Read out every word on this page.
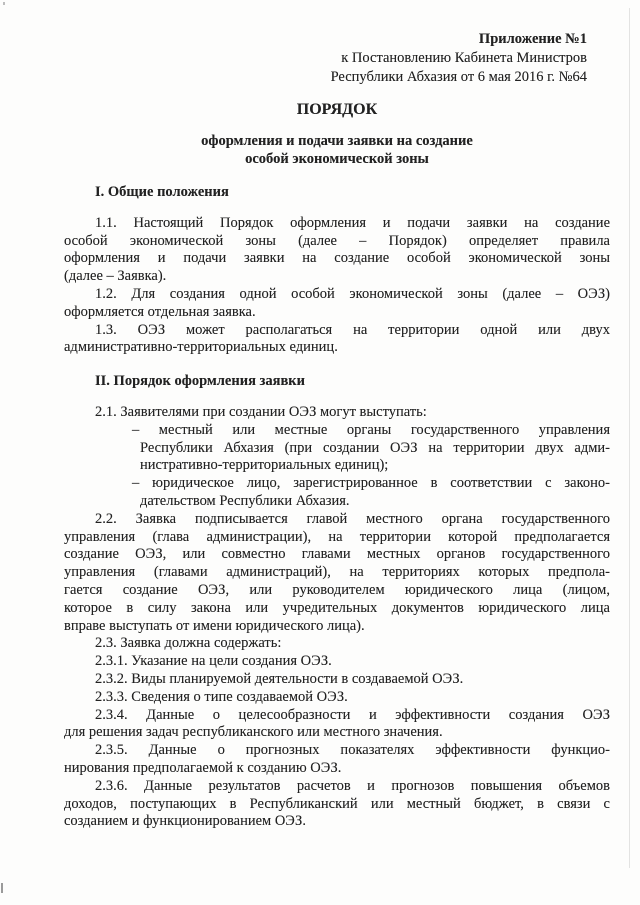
Приложение №1
к Постановлению Кабинета Министров
Республики Абхазия от 6 мая 2016 г. №64
ПОРЯДОК
оформления и подачи заявки на создание
особой экономической зоны
I. Общие положения
1.1. Настоящий Порядок оформления и подачи заявки на создание
особой экономической зоны (далее – Порядок) определяет правила
оформления и подачи заявки на создание особой экономической зоны
(далее – Заявка).
1.2. Для создания одной особой экономической зоны (далее – ОЭЗ)
оформляется отдельная заявка.
1.3. ОЭЗ может располагаться на территории одной или двух
административно-территориальных единиц.
II. Порядок оформления заявки
2.1. Заявителями при создании ОЭЗ могут выступать:
– местный или местные органы государственного управления
Республики Абхазия (при создании ОЭЗ на территории двух адми-
нистративно-территориальных единиц);
– юридическое лицо, зарегистрированное в соответствии с законо-
дательством Республики Абхазия.
2.2. Заявка подписывается главой местного органа государственного
управления (глава администрации), на территории которой предполагается
создание ОЭЗ, или совместно главами местных органов государственного
управления (главами администраций), на территориях которых предпола-
гается создание ОЭЗ, или руководителем юридического лица (лицом,
которое в силу закона или учредительных документов юридического лица
вправе выступать от имени юридического лица).
2.3. Заявка должна содержать:
2.3.1. Указание на цели создания ОЭЗ.
2.3.2. Виды планируемой деятельности в создаваемой ОЭЗ.
2.3.3. Сведения о типе создаваемой ОЭЗ.
2.3.4. Данные о целесообразности и эффективности создания ОЭЗ
для решения задач республиканского или местного значения.
2.3.5. Данные о прогнозных показателях эффективности функцио-
нирования предполагаемой к созданию ОЭЗ.
2.3.6. Данные результатов расчетов и прогнозов повышения объемов
доходов, поступающих в Республиканский или местный бюджет, в связи с
созданием и функционированием ОЭЗ.
